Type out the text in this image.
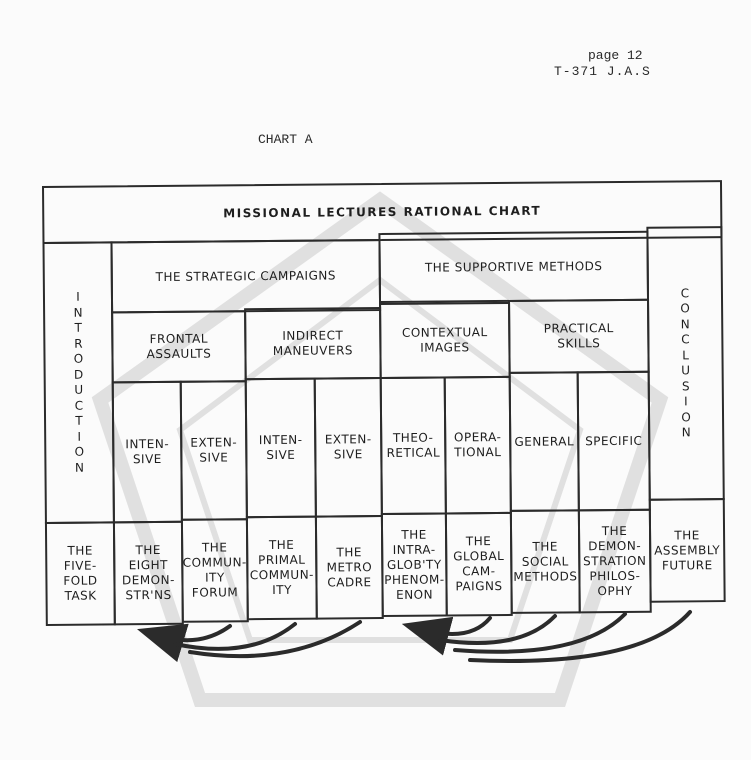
page 12
T-371 J.A.S
CHART A
MISSIONAL LECTURES RATIONAL CHART
I
N
T
R
O
D
U
C
T
I
O
N
C
O
N
C
L
U
S
I
O
N
THE STRATEGIC CAMPAIGNS
THE SUPPORTIVE METHODS
FRONTAL
ASSAULTS
INDIRECT
MANEUVERS
CONTEXTUAL
IMAGES
PRACTICAL
SKILLS
INTEN-
SIVE
EXTEN-
SIVE
INTEN-
SIVE
EXTEN-
SIVE
THEO-
RETICAL
OPERA-
TIONAL
GENERAL SPECIFIC
THE
FIVE-
FOLD
TASK
THE
EIGHT
DEMON-
STR'NS
THE
COMMUN-
ITY
FORUM
THE
PRIMAL
COMMUN-
ITY
THE
METRO
CADRE
THE
INTRA-
GLOB'TY
PHENOM-
ENON
THE
GLOBAL
CAM-
PAIGNS
THE
SOCIAL
METHODS
THE
DEMON-
STRATION
PHILOS-
OPHY
THE
ASSEMBLY
FUTURE
